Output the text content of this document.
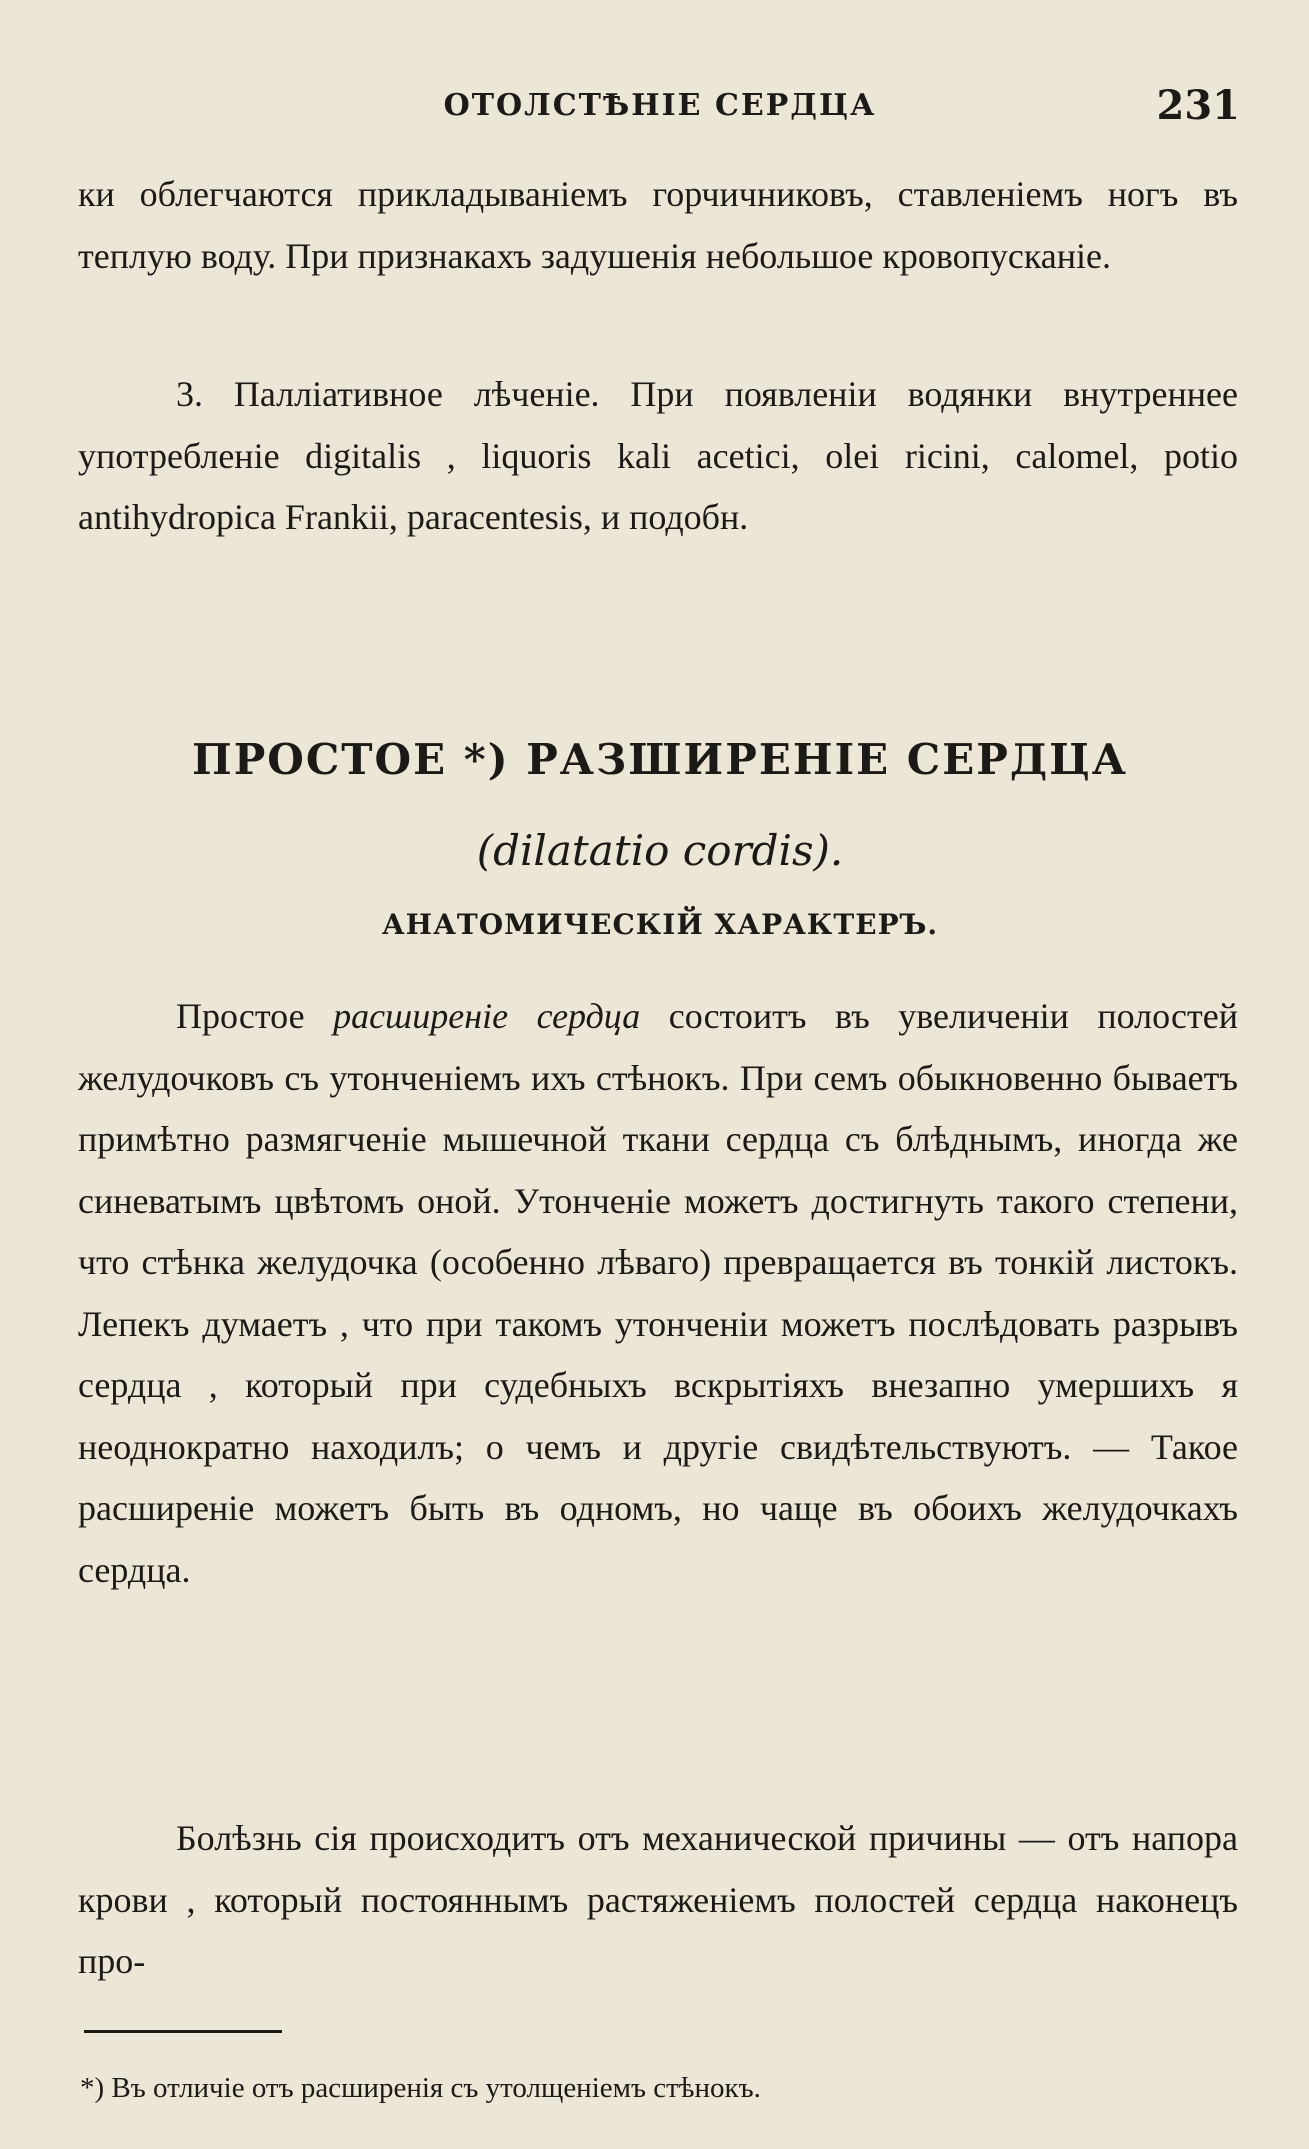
ОТОЛСТѢНІЕ СЕРДЦА	231

ки облегчаются прикладываніемъ горчичниковъ, ставленіемъ ногъ въ теплую воду. При признакахъ задушенія небольшое кровопусканіе.

3. Палліативное лѣченіе. При появленіи водянки внутреннее употребленіе digitalis , liquoris kali acetici, olei ricini, calomel, potio antihydropica Frankii, paracentesis, и подобн.

ПРОСТОЕ *) РАЗШИРЕНІЕ СЕРДЦА
(dilatatio cordis).
АНАТОМИЧЕСКІЙ ХАРАКТЕРЪ.

Простое расширеніе сердца состоитъ въ увеличеніи полостей желудочковъ съ утонченіемъ ихъ стѣнокъ. При семъ обыкновенно бываетъ примѣтно размягченіе мышечной ткани сердца съ блѣднымъ, иногда же синеватымъ цвѣтомъ оной. Утонченіе можетъ достигнуть такого степени, что стѣнка желудочка (особенно лѣваго) превращается въ тонкій листокъ. Лепекъ думаетъ , что при такомъ утонченіи можетъ послѣдовать разрывъ сердца , который при судебныхъ вскрытіяхъ внезапно умершихъ я неоднократно находилъ; о чемъ и другіе свидѣтельствуютъ. — Такое расширеніе можетъ быть въ одномъ, но чаще въ обоихъ желудочкахъ сердца.

Болѣзнь сія происходитъ отъ механической причины — отъ напора крови , который постояннымъ растяженіемъ полостей сердца наконецъ про-

*) Въ отличіе отъ расширенія съ утолщеніемъ стѣнокъ.
